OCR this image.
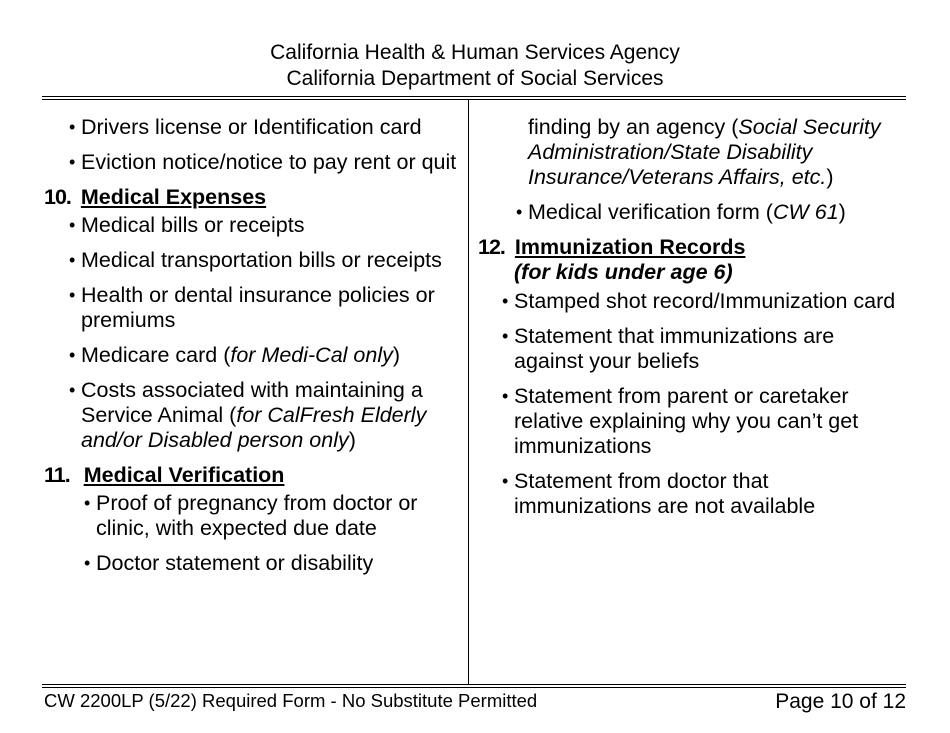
California Health & Human Services Agency
California Department of Social Services
• Drivers license or Identification card
• Eviction notice/notice to pay rent or quit
10. Medical Expenses
• Medical bills or receipts
• Medical transportation bills or receipts
• Health or dental insurance policies or premiums
• Medicare card (for Medi-Cal only)
• Costs associated with maintaining a Service Animal (for CalFresh Elderly and/or Disabled person only)
11. Medical Verification
• Proof of pregnancy from doctor or clinic, with expected due date
• Doctor statement or disability
finding by an agency (Social Security Administration/State Disability Insurance/Veterans Affairs, etc.)
• Medical verification form (CW 61)
12. Immunization Records
(for kids under age 6)
• Stamped shot record/Immunization card
• Statement that immunizations are against your beliefs
• Statement from parent or caretaker relative explaining why you can’t get immunizations
• Statement from doctor that immunizations are not available
CW 2200LP (5/22) Required Form - No Substitute Permitted	Page 10 of 12
